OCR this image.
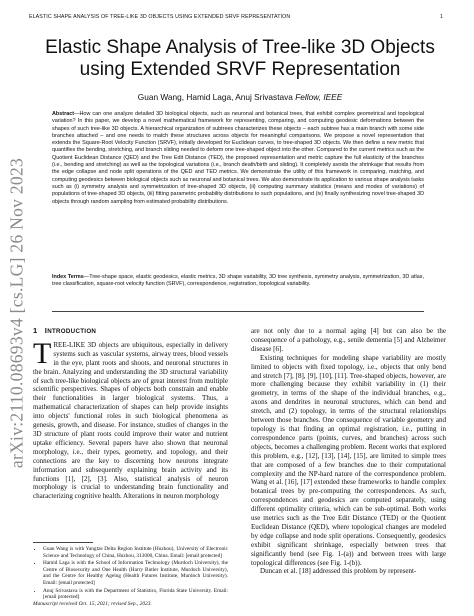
ELASTIC SHAPE ANALYSIS OF TREE-LIKE 3D OBJECTS USING EXTENDED SRVF REPRESENTATION	1
arXiv:2110.08693v4 [cs.LG] 26 Nov 2023
Elastic Shape Analysis of Tree-like 3D Objects using Extended SRVF Representation
Guan Wang, Hamid Laga, Anuj Srivastava Fellow, IEEE

Abstract—How can one analyze detailed 3D biological objects, such as neuronal and botanical trees, that exhibit complex geometrical and topological variation? In this paper, we develop a novel mathematical framework for representing, comparing, and computing geodesic deformations between the shapes of such tree-like 3D objects. A hierarchical organization of subtrees characterizes these objects – each subtree has a main branch with some side branches attached – and one needs to match these structures across objects for meaningful comparisons. We propose a novel representation that extends the Square-Root Velocity Function (SRVF), initially developed for Euclidean curves, to tree-shaped 3D objects. We then define a new metric that quantifies the bending, stretching, and branch sliding needed to deform one tree-shaped object into the other. Compared to the current metrics such as the Quotient Euclidean Distance (QED) and the Tree Edit Distance (TED), the proposed representation and metric capture the full elasticity of the branches (i.e., bending and stretching) as well as the topological variations (i.e., branch death/birth and sliding). It completely avoids the shrinkage that results from the edge collapse and node split operations of the QED and TED metrics. We demonstrate the utility of this framework in comparing, matching, and computing geodesics between biological objects such as neuronal and botanical trees. We also demonstrate its application to various shape analysis tasks such as (i) symmetry analysis and symmetrization of tree-shaped 3D objects, (ii) computing summary statistics (means and modes of variations) of populations of tree-shaped 3D objects, (iii) fitting parametric probability distributions to such populations, and (iv) finally synthesizing novel tree-shaped 3D objects through random sampling from estimated probability distributions.

Index Terms—Tree-shape space, elastic geodesics, elastic metrics, 3D shape variability, 3D tree synthesis, symmetry analysis, symmetrization, 3D atlas, tree classification, square-root velocity function (SRVF), correspondence, registration, topological variability.

1 INTRODUCTION

TREE-LIKE 3D objects are ubiquitous, especially in delivery systems such as vascular systems, airway trees, blood vessels in the eye, plant roots and shoots, and neuronal structures in the brain. Analyzing and understanding the 3D structural variability of such tree-like biological objects are of great interest from multiple scientific perspectives. Shapes of objects both constrain and enable their functionalities in larger biological systems. Thus, a mathematical characterization of shapes can help provide insights into objects' functional roles in such biological phenomena as genesis, growth, and disease. For instance, studies of changes in the 3D structure of plant roots could improve their water and nutrient uptake efficiency. Several papers have also shown that neuronal morphology, i.e., their types, geometry, and topology, and their connections are the key to discerning how neurons integrate information and subsequently explaining brain activity and its functions [1], [2], [3]. Also, statistical analysis of neuron morphology is crucial to understanding brain functionality and characterizing cognitive health. Alterations in neuron morphology

• Guan Wang is with Yangtze Delta Region Institute (Huzhou), University of Electronic Science and Technology of China, Huzhou, 313000, China. Email: [email protected]
• Hamid Laga is with the School of Information Technology (Murdoch University), the Centre of Biosecurity and One Health (Harry Butler Institute, Murdoch University), and the Centre for Healthy Ageing (Health Futures Institute, Murdoch University). Email: [email protected]
• Anuj Srivastava is with the Department of Statistics, Florida State University. Email: [email protected]
Manuscript received Oct. 15, 2021; revised Sep., 2023.

are not only due to a normal aging [4] but can also be the consequence of a pathology, e.g., senile dementia [5] and Alzheimer disease [6].

Existing techniques for modeling shape variability are mostly limited to objects with fixed topology, i.e., objects that only bend and stretch [7], [8], [9], [10], [11]. Tree-shaped objects, however, are more challenging because they exhibit variability in (1) their geometry, in terms of the shape of the individual branches, e.g., axons and dendrites in neuronal structures, which can bend and stretch, and (2) topology, in terms of the structural relationships between those branches. One consequence of variable geometry and topology is that finding an optimal registration, i.e., putting in correspondence parts (points, curves, and branches) across such objects, becomes a challenging problem. Recent works that explored this problem, e.g., [12], [13], [14], [15], are limited to simple trees that are composed of a few branches due to their computational complexity and the NP-hard nature of the correspondence problem. Wang et al. [16], [17] extended these frameworks to handle complex botanical trees by pre-computing the correspondences. As such, correspondences and geodesics are computed separately, using different optimality criteria, which can be sub-optimal. Both works use metrics such as the Tree Edit Distance (TED) or the Quotient Euclidean Distance (QED), where topological changes are modeled by edge collapse and node split operations. Consequently, geodesics exhibit significant shrinkage, especially between trees that significantly bend (see Fig. 1-(a)) and between trees with large topological differences (see Fig. 1-(b)).

Duncan et al. [18] addressed this problem by represent-
